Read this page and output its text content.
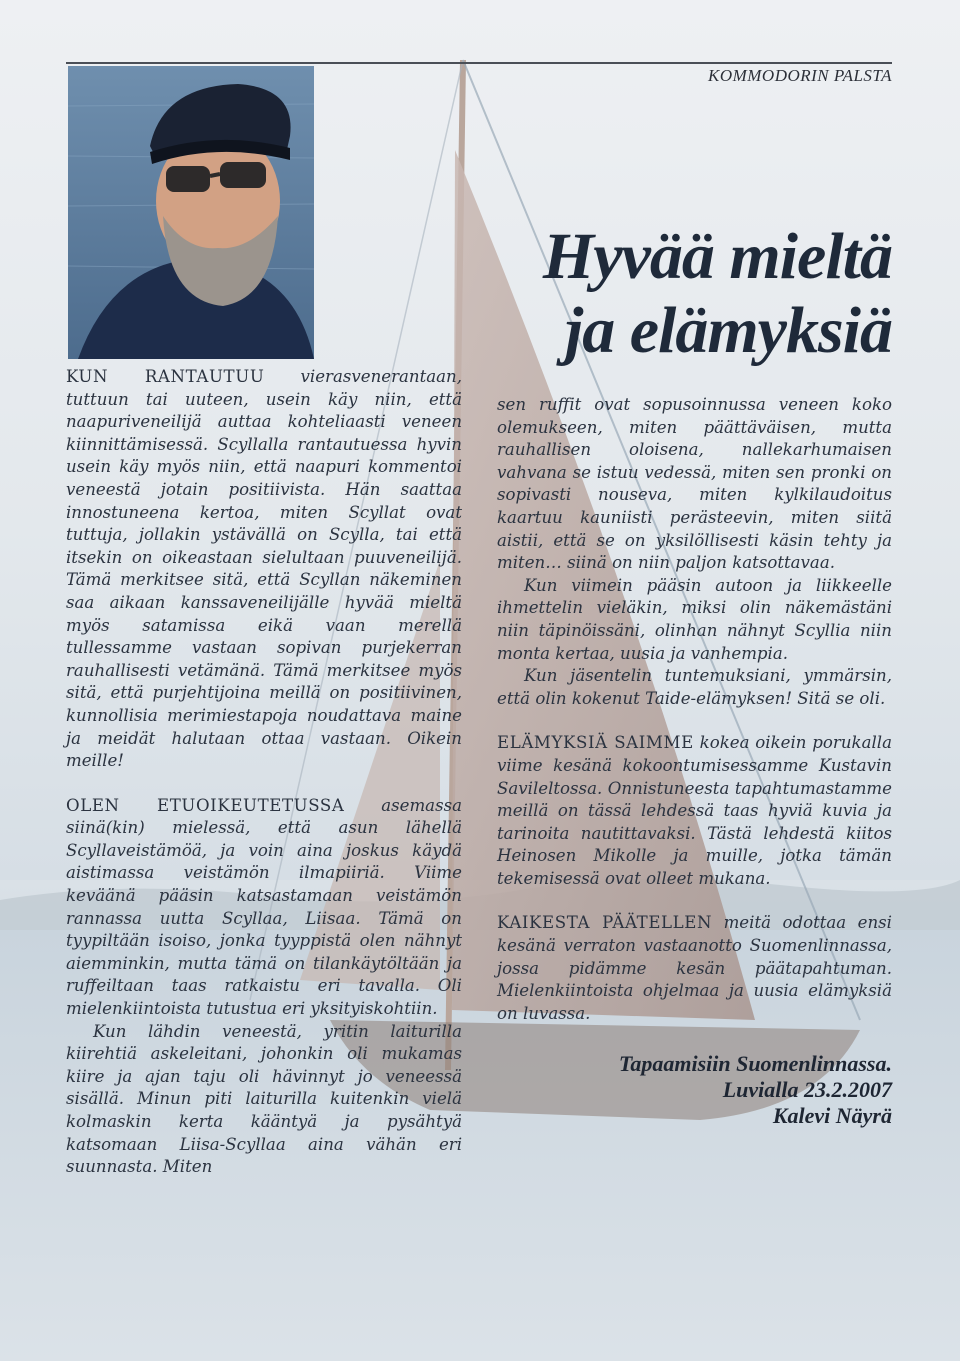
KOMMODORIN PALSTA
Hyvää mieltä
ja elämyksiä

KUN RANTAUTUU vierasvenerantaan, tuttuun tai uuteen, usein käy niin, että naapuriveneilijä auttaa kohteliaasti veneen kiinnittämisessä. Scyllalla rantautuessa hyvin usein käy myös niin, että naapuri kommentoi veneestä jotain positiivista. Hän saattaa innostuneena kertoa, miten Scyllat ovat tuttuja, jollakin ystävällä on Scylla, tai että itsekin on oikeastaan sielultaan puuveneilijä. Tämä merkitsee sitä, että Scyllan näkeminen saa aikaan kanssaveneilijälle hyvää mieltä myös satamissa eikä vaan merellä tullessamme vastaan sopivan purjekerran rauhallisesti vetämänä. Tämä merkitsee myös sitä, että purjehtijoina meillä on positiivinen, kunnollisia merimiestapoja noudattava maine ja meidät halutaan ottaa vastaan. Oikein meille!

OLEN ETUOIKEUTETUSSA asemassa siinä(kin) mielessä, että asun lähellä Scyllaveistämöä, ja voin aina joskus käydä aistimassa veistämön ilmapiiriä. Viime keväänä pääsin katsastamaan veistämön rannassa uutta Scyllaa, Liisaa. Tämä on tyypiltään isoiso, jonka tyyppistä olen nähnyt aiemminkin, mutta tämä on tilankäytöltään ja ruffeiltaan taas ratkaistu eri tavalla. Oli mielenkiintoista tutustua eri yksityiskohtiin.

Kun lähdin veneestä, yritin laiturilla kiirehtiä askeleitani, johonkin oli mukamas kiire ja ajan taju oli hävinnyt jo veneessä sisällä. Minun piti laiturilla kuitenkin vielä kolmaskin kerta kääntyä ja pysähtyä katsomaan Liisa-Scyllaa aina vähän eri suunnasta. Miten

sen ruffit ovat sopusoinnussa veneen koko olemukseen, miten päättäväisen, mutta rauhallisen oloisena, nallekarhumaisen vahvana se istuu vedessä, miten sen pronki on sopivasti nouseva, miten kylkilaudoitus kaartuu kauniisti perästeevin, miten siitä aistii, että se on yksilöllisesti käsin tehty ja miten… siinä on niin paljon katsottavaa.

Kun viimein pääsin autoon ja liikkeelle ihmettelin vieläkin, miksi olin näkemästäni niin täpinöissäni, olinhan nähnyt Scyllia niin monta kertaa, uusia ja vanhempia.

Kun jäsentelin tuntemuksiani, ymmärsin, että olin kokenut Taide-elämyksen! Sitä se oli.

ELÄMYKSIÄ SAIMME kokea oikein porukalla viime kesänä kokoontumisessamme Kustavin Savileltossa. Onnistuneesta tapahtumastamme meillä on tässä lehdessä taas hyviä kuvia ja tarinoita nautittavaksi. Tästä lehdestä kiitos Heinosen Mikolle ja muille, jotka tämän tekemisessä ovat olleet mukana.

KAIKESTA PÄÄTELLEN meitä odottaa ensi kesänä verraton vastaanotto Suomenlinnassa, jossa pidämme kesän päätapahtuman. Mielenkiintoista ohjelmaa ja uusia elämyksiä on luvassa.

Tapaamisiin Suomenlinnassa.
Luvialla 23.2.2007
Kalevi Näyrä
